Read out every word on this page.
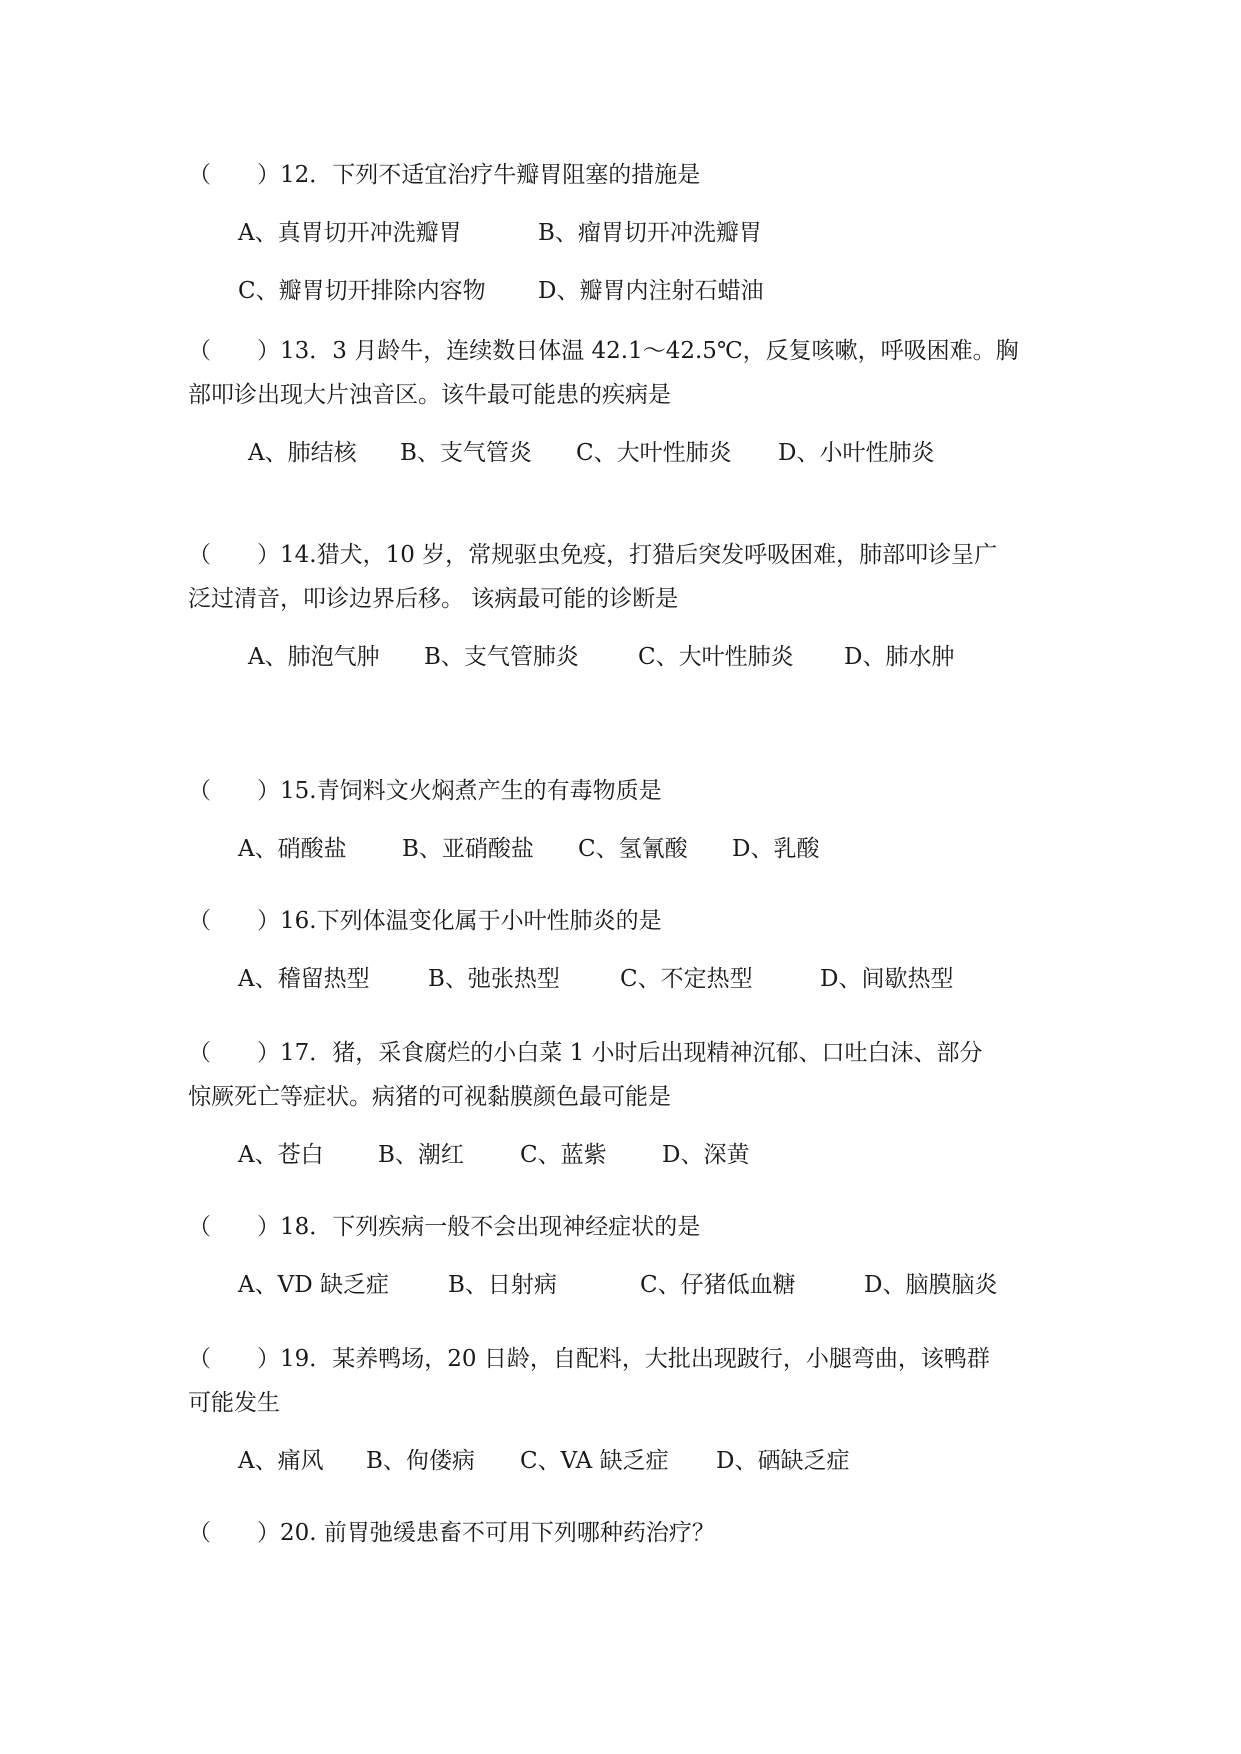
（　　）12．下列不适宜治疗牛瓣胃阻塞的措施是
A、真胃切开冲洗瓣胃	B、瘤胃切开冲洗瓣胃
C、瓣胃切开排除内容物 D、瓣胃内注射石蜡油
（　　）13．3 月龄牛，连续数日体温 42.1～42.5℃，反复咳嗽，呼吸困难。胸
部叩诊出现大片浊音区。该牛最可能患的疾病是
A、肺结核 B、支气管炎 C、大叶性肺炎 D、小叶性肺炎
（　　）14.猎犬，10 岁，常规驱虫免疫，打猎后突发呼吸困难，肺部叩诊呈广
泛过清音，叩诊边界后移。 该病最可能的诊断是
A、肺泡气肿 B、支气管肺炎	C、大叶性肺炎 D、肺水肿
（　　）15.青饲料文火焖煮产生的有毒物质是
A、硝酸盐 B、亚硝酸盐 C、氢氰酸 D、乳酸
（　　）16.下列体温变化属于小叶性肺炎的是
A、稽留热型	B、弛张热型	C、不定热型	D、间歇热型
（　　）17．猪，采食腐烂的小白菜 1 小时后出现精神沉郁、口吐白沫、部分
惊厥死亡等症状。病猪的可视黏膜颜色最可能是
A、苍白 B、潮红 C、蓝紫 D、深黄
（　　）18．下列疾病一般不会出现神经症状的是
A、VD 缺乏症	B、日射病	C、仔猪低血糖	D、脑膜脑炎
（　　）19．某养鸭场，20 日龄，自配料，大批出现跛行，小腿弯曲，该鸭群
可能发生
A、痛风 B、佝偻病 C、VA 缺乏症 D、硒缺乏症
（　　）20. 前胃弛缓患畜不可用下列哪种药治疗？
